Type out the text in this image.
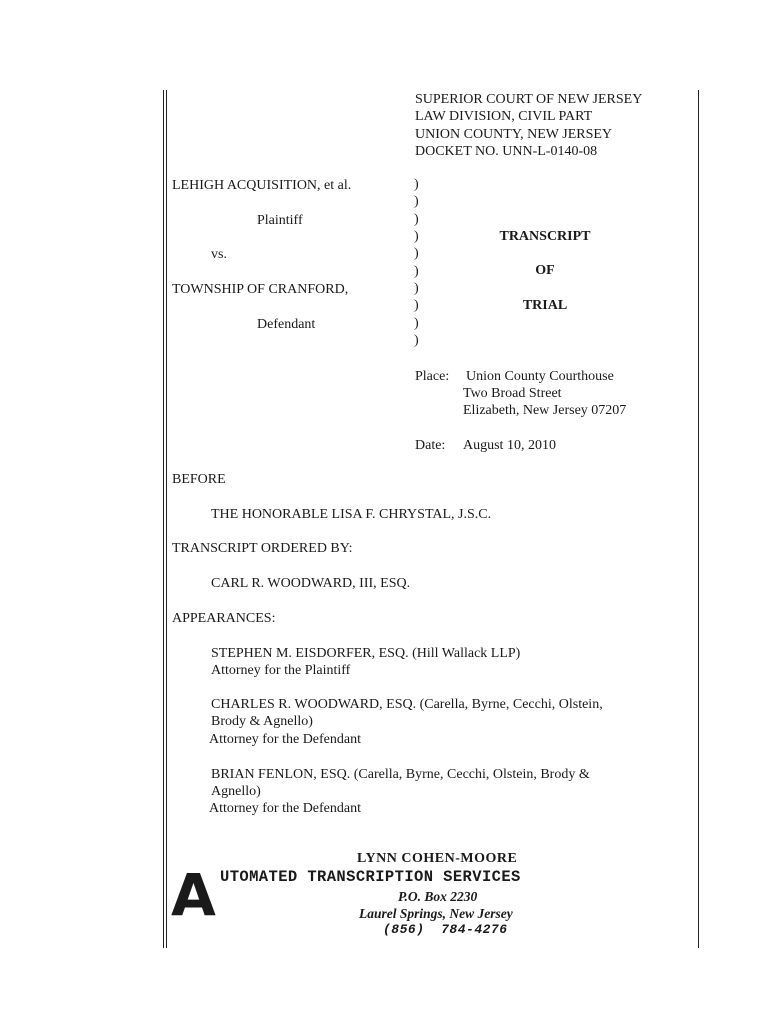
SUPERIOR COURT OF NEW JERSEY
LAW DIVISION, CIVIL PART
UNION COUNTY, NEW JERSEY
DOCKET NO. UNN-L-0140-08
LEHIGH ACQUISITION, et al.
Plaintiff
vs.
TOWNSHIP OF CRANFORD,
Defendant
)
)
)
)
)
)
)
)
)
)
TRANSCRIPT
OF
TRIAL
Place: Union County Courthouse
Two Broad Street
Elizabeth, New Jersey 07207
Date: August 10, 2010
BEFORE
THE HONORABLE LISA F. CHRYSTAL, J.S.C.
TRANSCRIPT ORDERED BY:
CARL R. WOODWARD, III, ESQ.
APPEARANCES:
STEPHEN M. EISDORFER, ESQ. (Hill Wallack LLP)
Attorney for the Plaintiff
CHARLES R. WOODWARD, ESQ. (Carella, Byrne, Cecchi, Olstein,
Brody & Agnello)
Attorney for the Defendant
BRIAN FENLON, ESQ. (Carella, Byrne, Cecchi, Olstein, Brody &
Agnello)
Attorney for the Defendant
LYNN COHEN-MOORE
A UTOMATED TRANSCRIPTION SERVICES
P.O. Box 2230
Laurel Springs, New Jersey
(856)  784-4276
